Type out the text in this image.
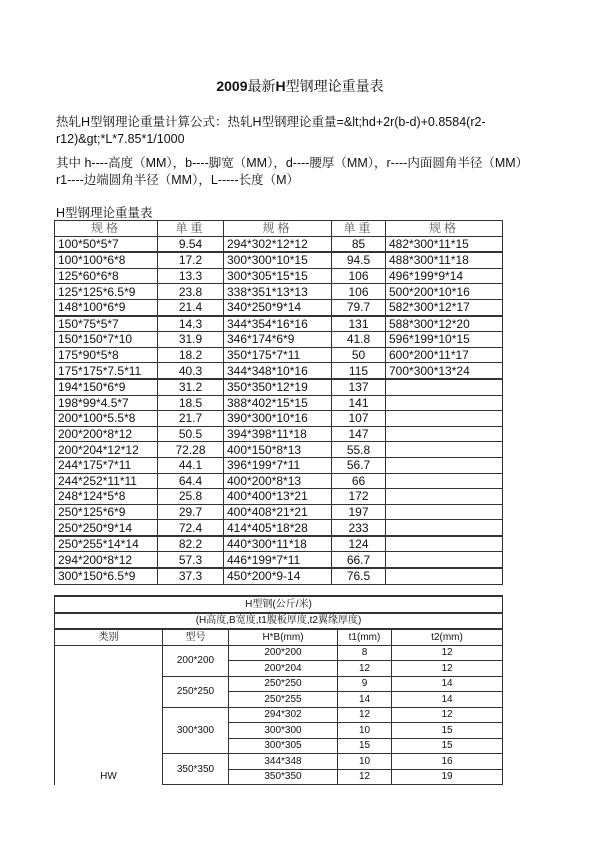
2009最新H型钢理论重量表
热轧H型钢理论重量计算公式：热轧H型钢理论重量=&lt;hd+2r(b-d)+0.8584(r2-r12)&gt;*L*7.85*1/1000
其中 h----高度（MM），b----脚宽（MM），d----腰厚（MM），r----内面圆角半径（MM）r1----边端圆角半径（MM），L-----长度（M）
H型钢理论重量表
规格	单重	规格	单重	规格
100*50*5*7	9.54	294*302*12*12	85	482*300*11*15
100*100*6*8	17.2	300*300*10*15	94.5	488*300*11*18
125*60*6*8	13.3	300*305*15*15	106	496*199*9*14
125*125*6.5*9	23.8	338*351*13*13	106	500*200*10*16
148*100*6*9	21.4	340*250*9*14	79.7	582*300*12*17
150*75*5*7	14.3	344*354*16*16	131	588*300*12*20
150*150*7*10	31.9	346*174*6*9	41.8	596*199*10*15
175*90*5*8	18.2	350*175*7*11	50	600*200*11*17
175*175*7.5*11	40.3	344*348*10*16	115	700*300*13*24
194*150*6*9	31.2	350*350*12*19	137	
198*99*4.5*7	18.5	388*402*15*15	141	
200*100*5.5*8	21.7	390*300*10*16	107	
200*200*8*12	50.5	394*398*11*18	147	
200*204*12*12	72.28	400*150*8*13	55.8	
244*175*7*11	44.1	396*199*7*11	56.7	
244*252*11*11	64.4	400*200*8*13	66	
248*124*5*8	25.8	400*400*13*21	172	
250*125*6*9	29.7	400*408*21*21	197	
250*250*9*14	72.4	414*405*18*28	233	
250*255*14*14	82.2	440*300*11*18	124	
294*200*8*12	57.3	446*199*7*11	66.7	
300*150*6.5*9	37.3	450*200*9-14	76.5	
H型钢(公斤/米)				
(H高度,B宽度,t1腹板厚度,t2翼缘厚度)				
类别	型号	H*B(mm)	t1(mm)	t2(mm)
HW	200*200	200*200	8	12
		200*204	12	12
	250*250	250*250	9	14
		250*255	14	14
	300*300	294*302	12	12
		300*300	10	15
		300*305	15	15
	350*350	344*348	10	16
		350*350	12	19
